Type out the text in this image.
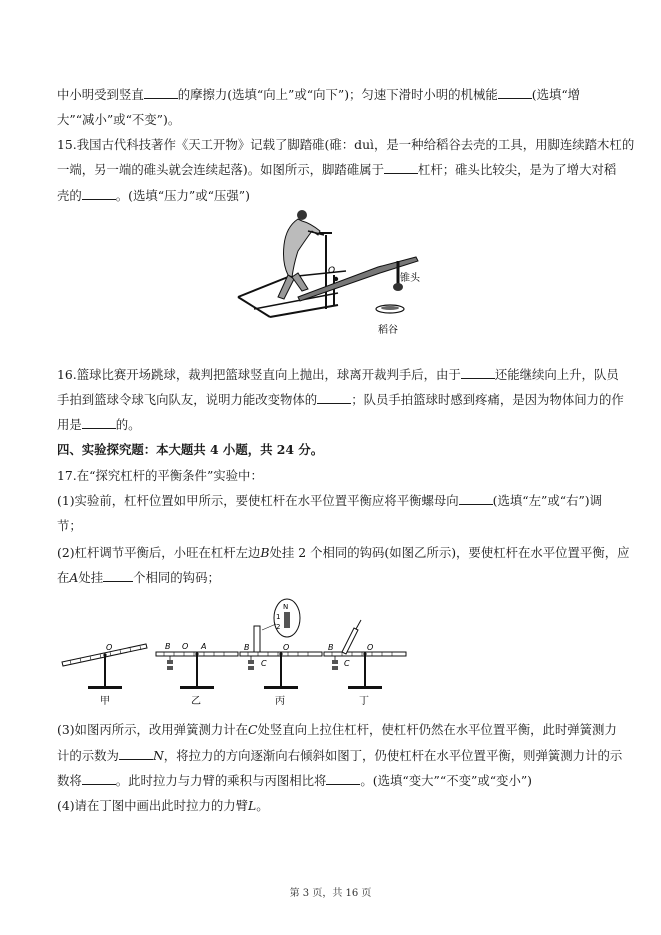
中小明受到竖直	的摩擦力(选填“向上”或“向下”)；匀速下滑时小明的机械能	(选填“增
大”“减小”或“不变”)。
15.我国古代科技著作《天工开物》记载了脚踏碓(碓：duì，是一种给稻谷去壳的工具，用脚连续踏木杠的
一端，另一端的碓头就会连续起落)。如图所示，脚踏碓属于	杠杆；碓头比较尖，是为了增大对稻
壳的	。(选填“压力”或“压强”)
O
锥头
稻谷
16.篮球比赛开场跳球，裁判把篮球竖直向上抛出，球离开裁判手后，由于	还能继续向上升，队员
手拍到篮球令球飞向队友，说明力能改变物体的	；队员手拍篮球时感到疼痛，是因为物体间力的作
用是	的。
四、实验探究题：本大题共 4 小题，共 24 分。
17.在“探究杠杆的平衡条件”实验中：
(1)实验前，杠杆位置如甲所示，要使杠杆在水平位置平衡应将平衡螺母向	(选填“左”或“右”)调
节；
(2)杠杆调节平衡后，小旺在杠杆左边B处挂 2 个相同的钩码(如图乙所示)，要使杠杆在水平位置平衡，应
在A处挂 个相同的钩码；
O
甲
B O A
乙
N
1
2
B	O
C
丙
B	O
C
丁
(3)如图丙所示，改用弹簧测力计在C处竖直向上拉住杠杆，使杠杆仍然在水平位置平衡，此时弹簧测力
计的示数为	N，将拉力的方向逐渐向右倾斜如图丁，仍使杠杆在水平位置平衡，则弹簧测力计的示
数将	。此时拉力与力臂的乘积与丙图相比将	。(选填“变大”“不变”或“变小”)
(4)请在丁图中画出此时拉力的力臂L。
第 3 页，共 16 页
